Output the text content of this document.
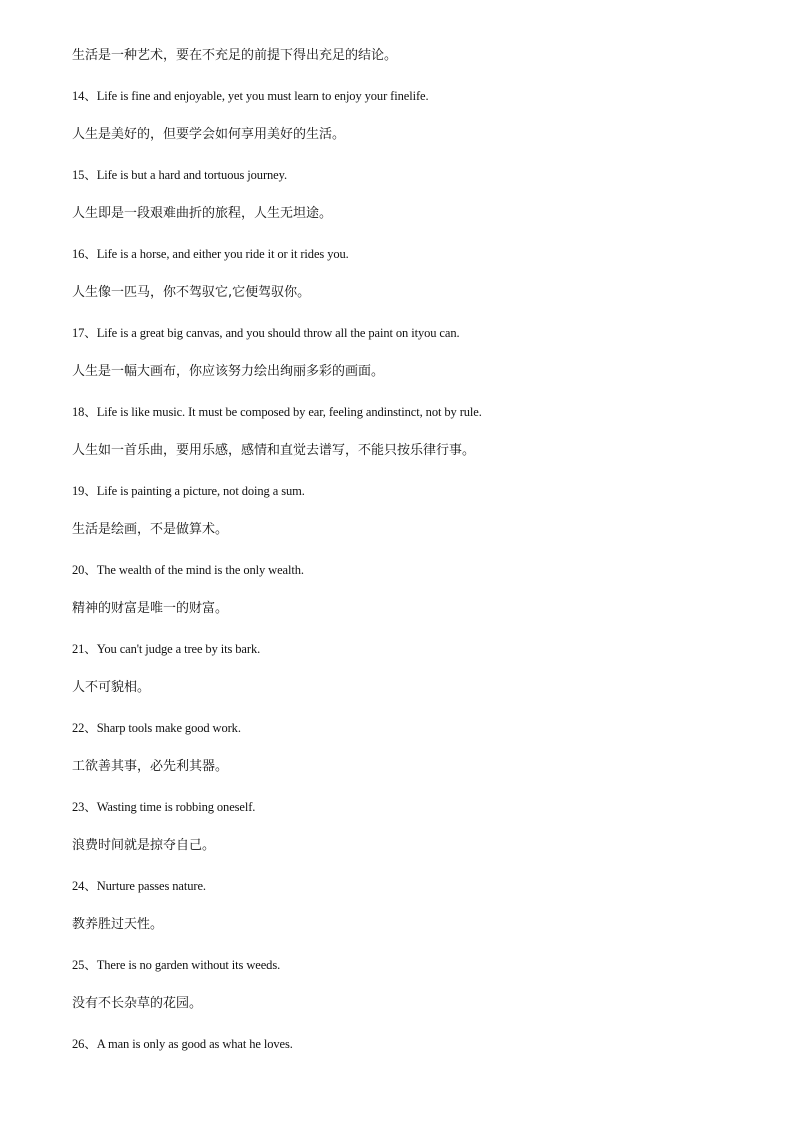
生活是一种艺术，要在不充足的前提下得出充足的结论。
14、Life is fine and enjoyable, yet you must learn to enjoy your finelife.
人生是美好的，但要学会如何享用美好的生活。
15、Life is but a hard and tortuous journey.
人生即是一段艰难曲折的旅程，人生无坦途。
16、Life is a horse, and either you ride it or it rides you.
人生像一匹马，你不驾驭它,它便驾驭你。
17、Life is a great big canvas, and you should throw all the paint on ityou can.
人生是一幅大画布，你应该努力绘出绚丽多彩的画面。
18、Life is like music. It must be composed by ear, feeling andinstinct, not by rule.
人生如一首乐曲，要用乐感，感情和直觉去谱写，不能只按乐律行事。
19、Life is painting a picture, not doing a sum.
生活是绘画，不是做算术。
20、The wealth of the mind is the only wealth.
精神的财富是唯一的财富。
21、You can't judge a tree by its bark.
人不可貌相。
22、Sharp tools make good work.
工欲善其事，必先利其器。
23、Wasting time is robbing oneself.
浪费时间就是掠夺自己。
24、Nurture passes nature.
教养胜过天性。
25、There is no garden without its weeds.
没有不长杂草的花园。
26、A man is only as good as what he loves.
